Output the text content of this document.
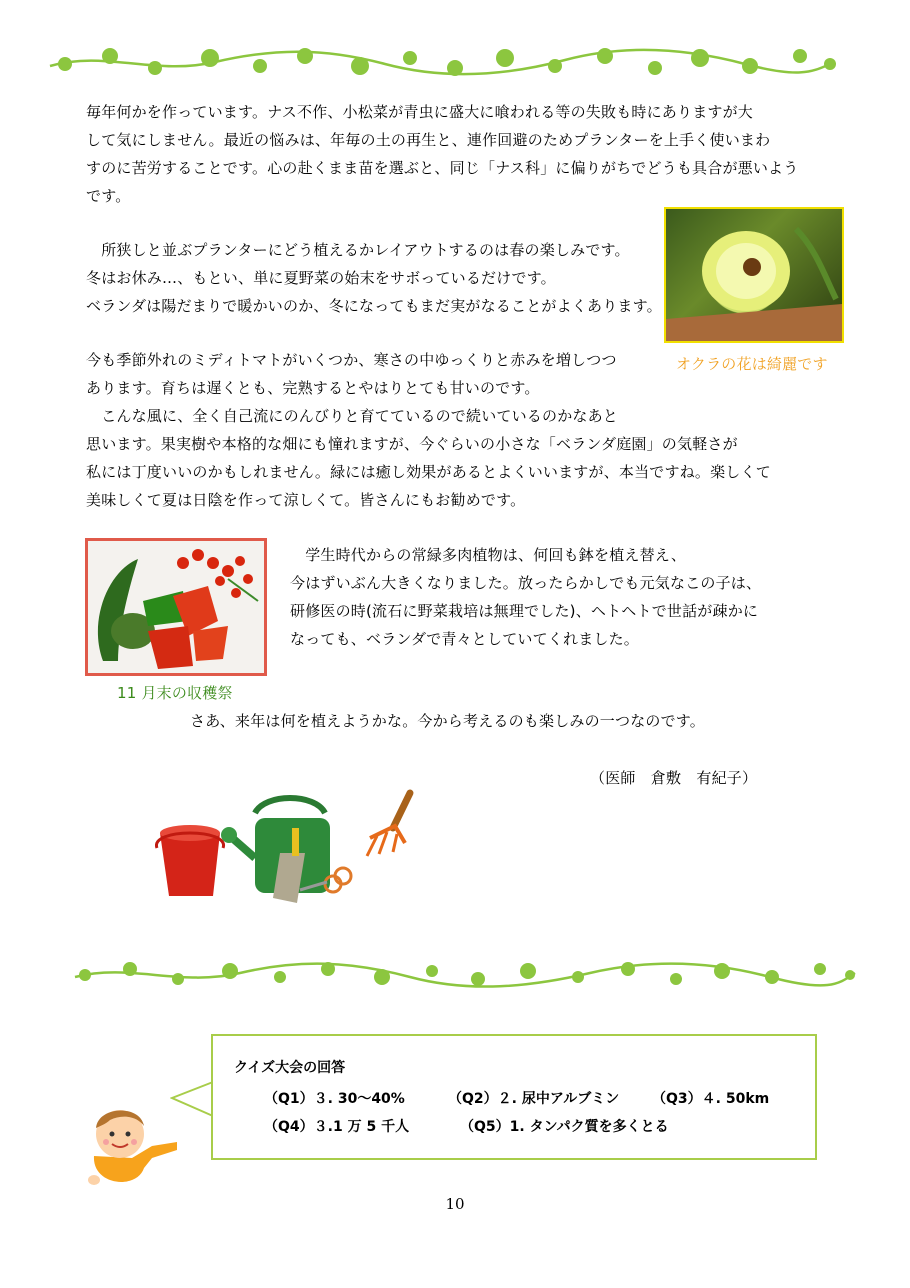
毎年何かを作っています。ナス不作、小松菜が青虫に盛大に喰われる等の失敗も時にありますが大
して気にしません。最近の悩みは、年毎の土の再生と、連作回避のためプランターを上手く使いまわ
すのに苦労することです。心の赴くまま苗を選ぶと、同じ「ナス科」に偏りがちでどうも具合が悪いよう
です。
　所狭しと並ぶプランターにどう植えるかレイアウトするのは春の楽しみです。
冬はお休み…、もとい、単に夏野菜の始末をサボっているだけです。
ベランダは陽だまりで暖かいのか、冬になってもまだ実がなることがよくあります。
オクラの花は綺麗です
今も季節外れのミディトマトがいくつか、寒さの中ゆっくりと赤みを増しつつ
あります。育ちは遅くとも、完熟するとやはりとても甘いのです。
　こんな風に、全く自己流にのんびりと育てているので続いているのかなあと
思います。果実樹や本格的な畑にも憧れますが、今ぐらいの小さな「ベランダ庭園」の気軽さが
私には丁度いいのかもしれません。緑には癒し効果があるとよくいいますが、本当ですね。楽しくて
美味しくて夏は日陰を作って涼しくて。皆さんにもお勧めです。
　学生時代からの常緑多肉植物は、何回も鉢を植え替え、
今はずいぶん大きくなりました。放ったらかしでも元気なこの子は、
研修医の時(流石に野菜栽培は無理でした)、ヘトヘトで世話が疎かに
なっても、ベランダで青々としていてくれました。
11 月末の収穫祭
さあ、来年は何を植えようかな。今から考えるのも楽しみの一つなのです。
（医師　倉敷　有紀子）
クイズ大会の回答
（Q1）３. 30～40%	（Q2）２. 尿中アルブミン （Q3）４. 50km
（Q4）３.1 万 5 千人	（Q5）1. タンパク質を多くとる
10
